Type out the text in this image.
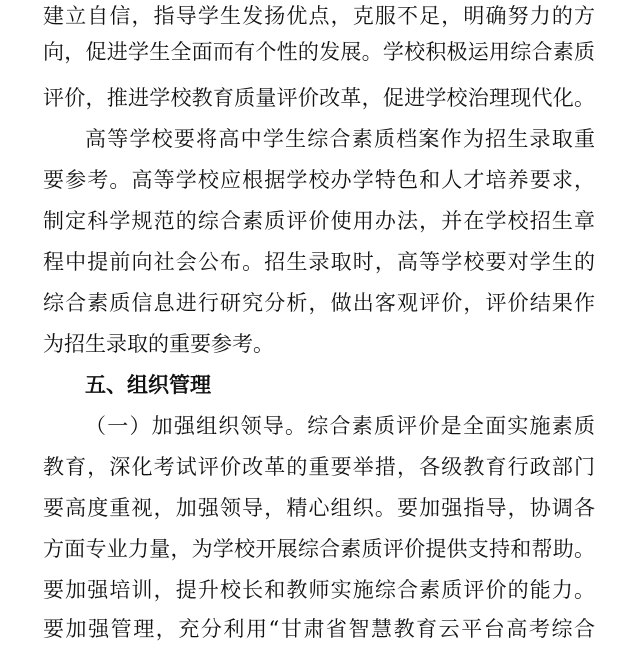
建立自信，指导学生发扬优点，克服不足，明确努力的方
向，促进学生全面而有个性的发展。学校积极运用综合素质
评价，推进学校教育质量评价改革，促进学校治理现代化。
高等学校要将高中学生综合素质档案作为招生录取重
要参考。高等学校应根据学校办学特色和人才培养要求，
制定科学规范的综合素质评价使用办法，并在学校招生章
程中提前向社会公布。招生录取时，高等学校要对学生的
综合素质信息进行研究分析，做出客观评价，评价结果作
为招生录取的重要参考。
五、组织管理
（一）加强组织领导。综合素质评价是全面实施素质
教育，深化考试评价改革的重要举措，各级教育行政部门
要高度重视，加强领导，精心组织。要加强指导，协调各
方面专业力量，为学校开展综合素质评价提供支持和帮助。
要加强培训，提升校长和教师实施综合素质评价的能力。
要加强管理，充分利用“甘肃省智慧教育云平台高考综合
